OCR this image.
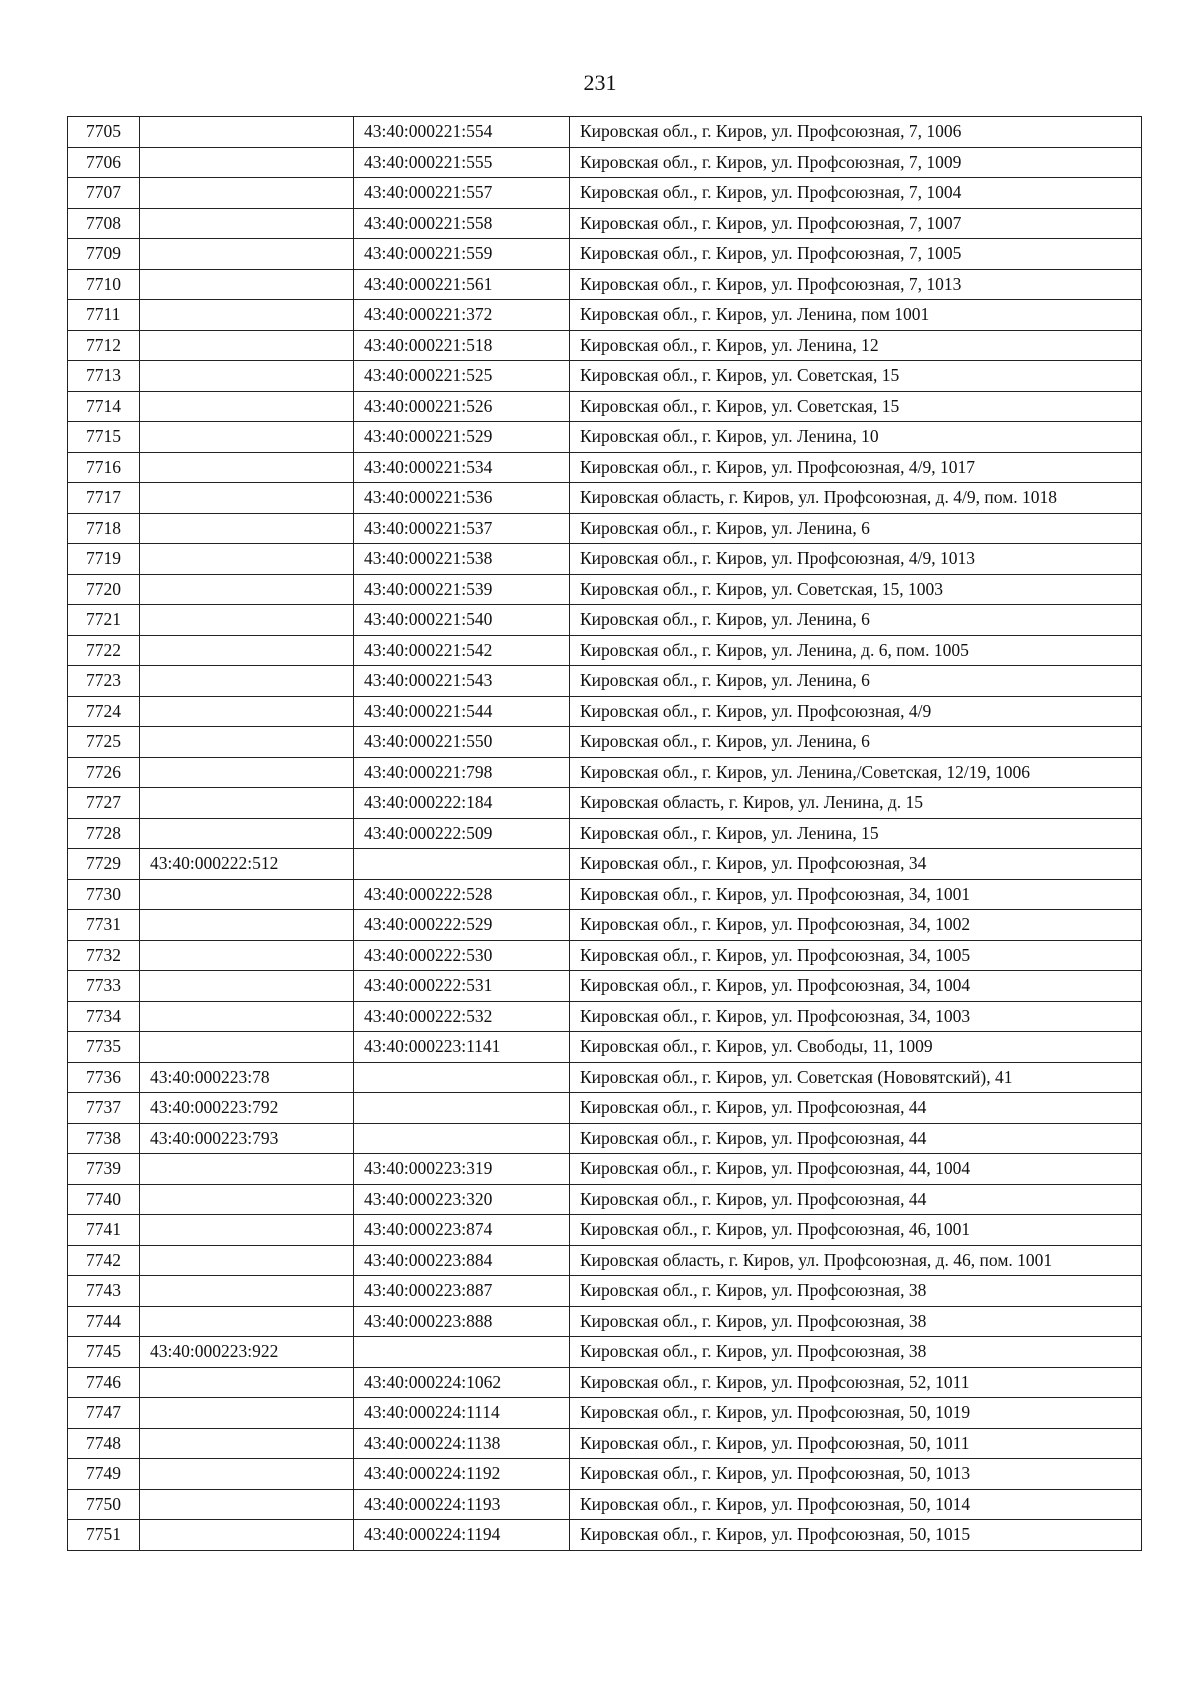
231
7705		43:40:000221:554	Кировская обл., г. Киров, ул. Профсоюзная, 7, 1006
7706		43:40:000221:555	Кировская обл., г. Киров, ул. Профсоюзная, 7, 1009
7707		43:40:000221:557	Кировская обл., г. Киров, ул. Профсоюзная, 7, 1004
7708		43:40:000221:558	Кировская обл., г. Киров, ул. Профсоюзная, 7, 1007
7709		43:40:000221:559	Кировская обл., г. Киров, ул. Профсоюзная, 7, 1005
7710		43:40:000221:561	Кировская обл., г. Киров, ул. Профсоюзная, 7, 1013
7711		43:40:000221:372	Кировская обл., г. Киров, ул. Ленина, пом 1001
7712		43:40:000221:518	Кировская обл., г. Киров, ул. Ленина, 12
7713		43:40:000221:525	Кировская обл., г. Киров, ул. Советская, 15
7714		43:40:000221:526	Кировская обл., г. Киров, ул. Советская, 15
7715		43:40:000221:529	Кировская обл., г. Киров, ул. Ленина, 10
7716		43:40:000221:534	Кировская обл., г. Киров, ул. Профсоюзная, 4/9, 1017
7717		43:40:000221:536	Кировская область, г. Киров, ул. Профсоюзная, д. 4/9, пом. 1018
7718		43:40:000221:537	Кировская обл., г. Киров, ул. Ленина, 6
7719		43:40:000221:538	Кировская обл., г. Киров, ул. Профсоюзная, 4/9, 1013
7720		43:40:000221:539	Кировская обл., г. Киров, ул. Советская, 15, 1003
7721		43:40:000221:540	Кировская обл., г. Киров, ул. Ленина, 6
7722		43:40:000221:542	Кировская обл., г. Киров, ул. Ленина, д. 6, пом. 1005
7723		43:40:000221:543	Кировская обл., г. Киров, ул. Ленина, 6
7724		43:40:000221:544	Кировская обл., г. Киров, ул. Профсоюзная, 4/9
7725		43:40:000221:550	Кировская обл., г. Киров, ул. Ленина, 6
7726		43:40:000221:798	Кировская обл., г. Киров, ул. Ленина,/Советская, 12/19, 1006
7727		43:40:000222:184	Кировская область, г. Киров, ул. Ленина, д. 15
7728		43:40:000222:509	Кировская обл., г. Киров, ул. Ленина, 15
7729	43:40:000222:512		Кировская обл., г. Киров, ул. Профсоюзная, 34
7730		43:40:000222:528	Кировская обл., г. Киров, ул. Профсоюзная, 34, 1001
7731		43:40:000222:529	Кировская обл., г. Киров, ул. Профсоюзная, 34, 1002
7732		43:40:000222:530	Кировская обл., г. Киров, ул. Профсоюзная, 34, 1005
7733		43:40:000222:531	Кировская обл., г. Киров, ул. Профсоюзная, 34, 1004
7734		43:40:000222:532	Кировская обл., г. Киров, ул. Профсоюзная, 34, 1003
7735		43:40:000223:1141	Кировская обл., г. Киров, ул. Свободы, 11, 1009
7736	43:40:000223:78		Кировская обл., г. Киров, ул. Советская (Нововятский), 41
7737	43:40:000223:792		Кировская обл., г. Киров, ул. Профсоюзная, 44
7738	43:40:000223:793		Кировская обл., г. Киров, ул. Профсоюзная, 44
7739		43:40:000223:319	Кировская обл., г. Киров, ул. Профсоюзная, 44, 1004
7740		43:40:000223:320	Кировская обл., г. Киров, ул. Профсоюзная, 44
7741		43:40:000223:874	Кировская обл., г. Киров, ул. Профсоюзная, 46, 1001
7742		43:40:000223:884	Кировская область, г. Киров, ул. Профсоюзная, д. 46, пом. 1001
7743		43:40:000223:887	Кировская обл., г. Киров, ул. Профсоюзная, 38
7744		43:40:000223:888	Кировская обл., г. Киров, ул. Профсоюзная, 38
7745	43:40:000223:922		Кировская обл., г. Киров, ул. Профсоюзная, 38
7746		43:40:000224:1062	Кировская обл., г. Киров, ул. Профсоюзная, 52, 1011
7747		43:40:000224:1114	Кировская обл., г. Киров, ул. Профсоюзная, 50, 1019
7748		43:40:000224:1138	Кировская обл., г. Киров, ул. Профсоюзная, 50, 1011
7749		43:40:000224:1192	Кировская обл., г. Киров, ул. Профсоюзная, 50, 1013
7750		43:40:000224:1193	Кировская обл., г. Киров, ул. Профсоюзная, 50, 1014
7751		43:40:000224:1194	Кировская обл., г. Киров, ул. Профсоюзная, 50, 1015
